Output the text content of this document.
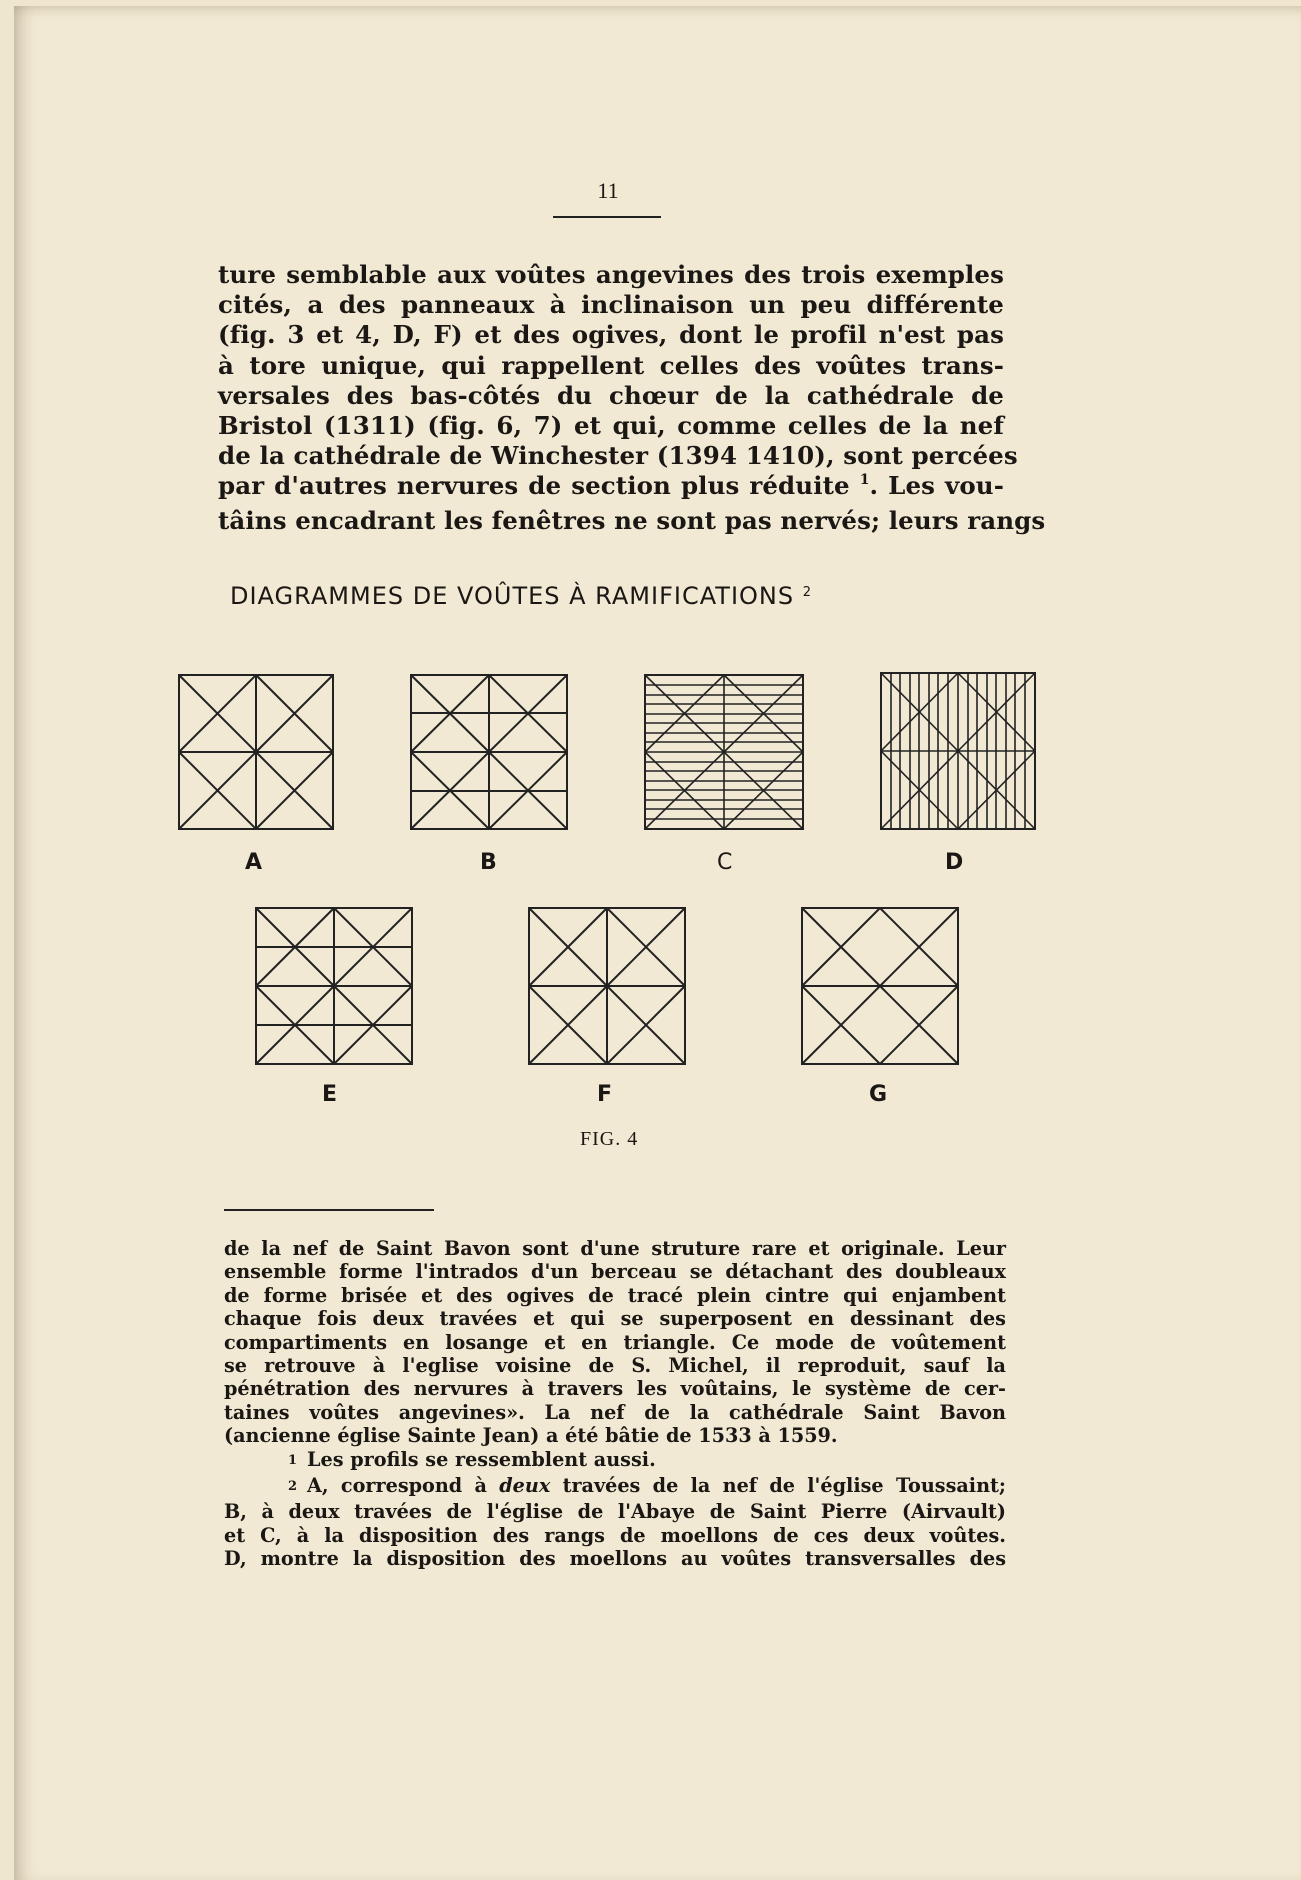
11
ture semblable aux voûtes angevines des trois exemples
cités, a des panneaux à inclinaison un peu différente
(fig. 3 et 4, D, F) et des ogives, dont le profil n'est pas
à tore unique, qui rappellent celles des voûtes trans-
versales des bas-côtés du chœur de la cathédrale de
Bristol (1311) (fig. 6, 7) et qui, comme celles de la nef
de la cathédrale de Winchester (1394 1410), sont percées
par d'autres nervures de section plus réduite $^1$. Les vou-
tâins encadrant les fenêtres ne sont pas nervés; leurs rangs
DIAGRAMMES DE VOÛTES À RAMIFICATIONS $^2$
A	B	C	D
E	F	G
FIG. 4
de la nef de Saint Bavon sont d'une struture rare et originale. Leur
ensemble forme l'intrados d'un berceau se détachant des doubleaux
de forme brisée et des ogives de tracé plein cintre qui enjambent
chaque fois deux travées et qui se superposent en dessinant des
compartiments en losange et en triangle. Ce mode de voûtement
se retrouve à l'eglise voisine de S. Michel, il reproduit, sauf la
pénétration des nervures à travers les voûtains, le système de cer-
taines voûtes angevines». La nef de la cathédrale Saint Bavon
(ancienne église Sainte Jean) a été bâtie de 1533 à 1559.
1 Les profils se ressemblent aussi.
2 A, correspond à deux travées de la nef de l'église Toussaint;
B, à deux travées de l'église de l'Abaye de Saint Pierre (Airvault)
et C, à la disposition des rangs de moellons de ces deux voûtes.
D, montre la disposition des moellons au voûtes transversalles des
